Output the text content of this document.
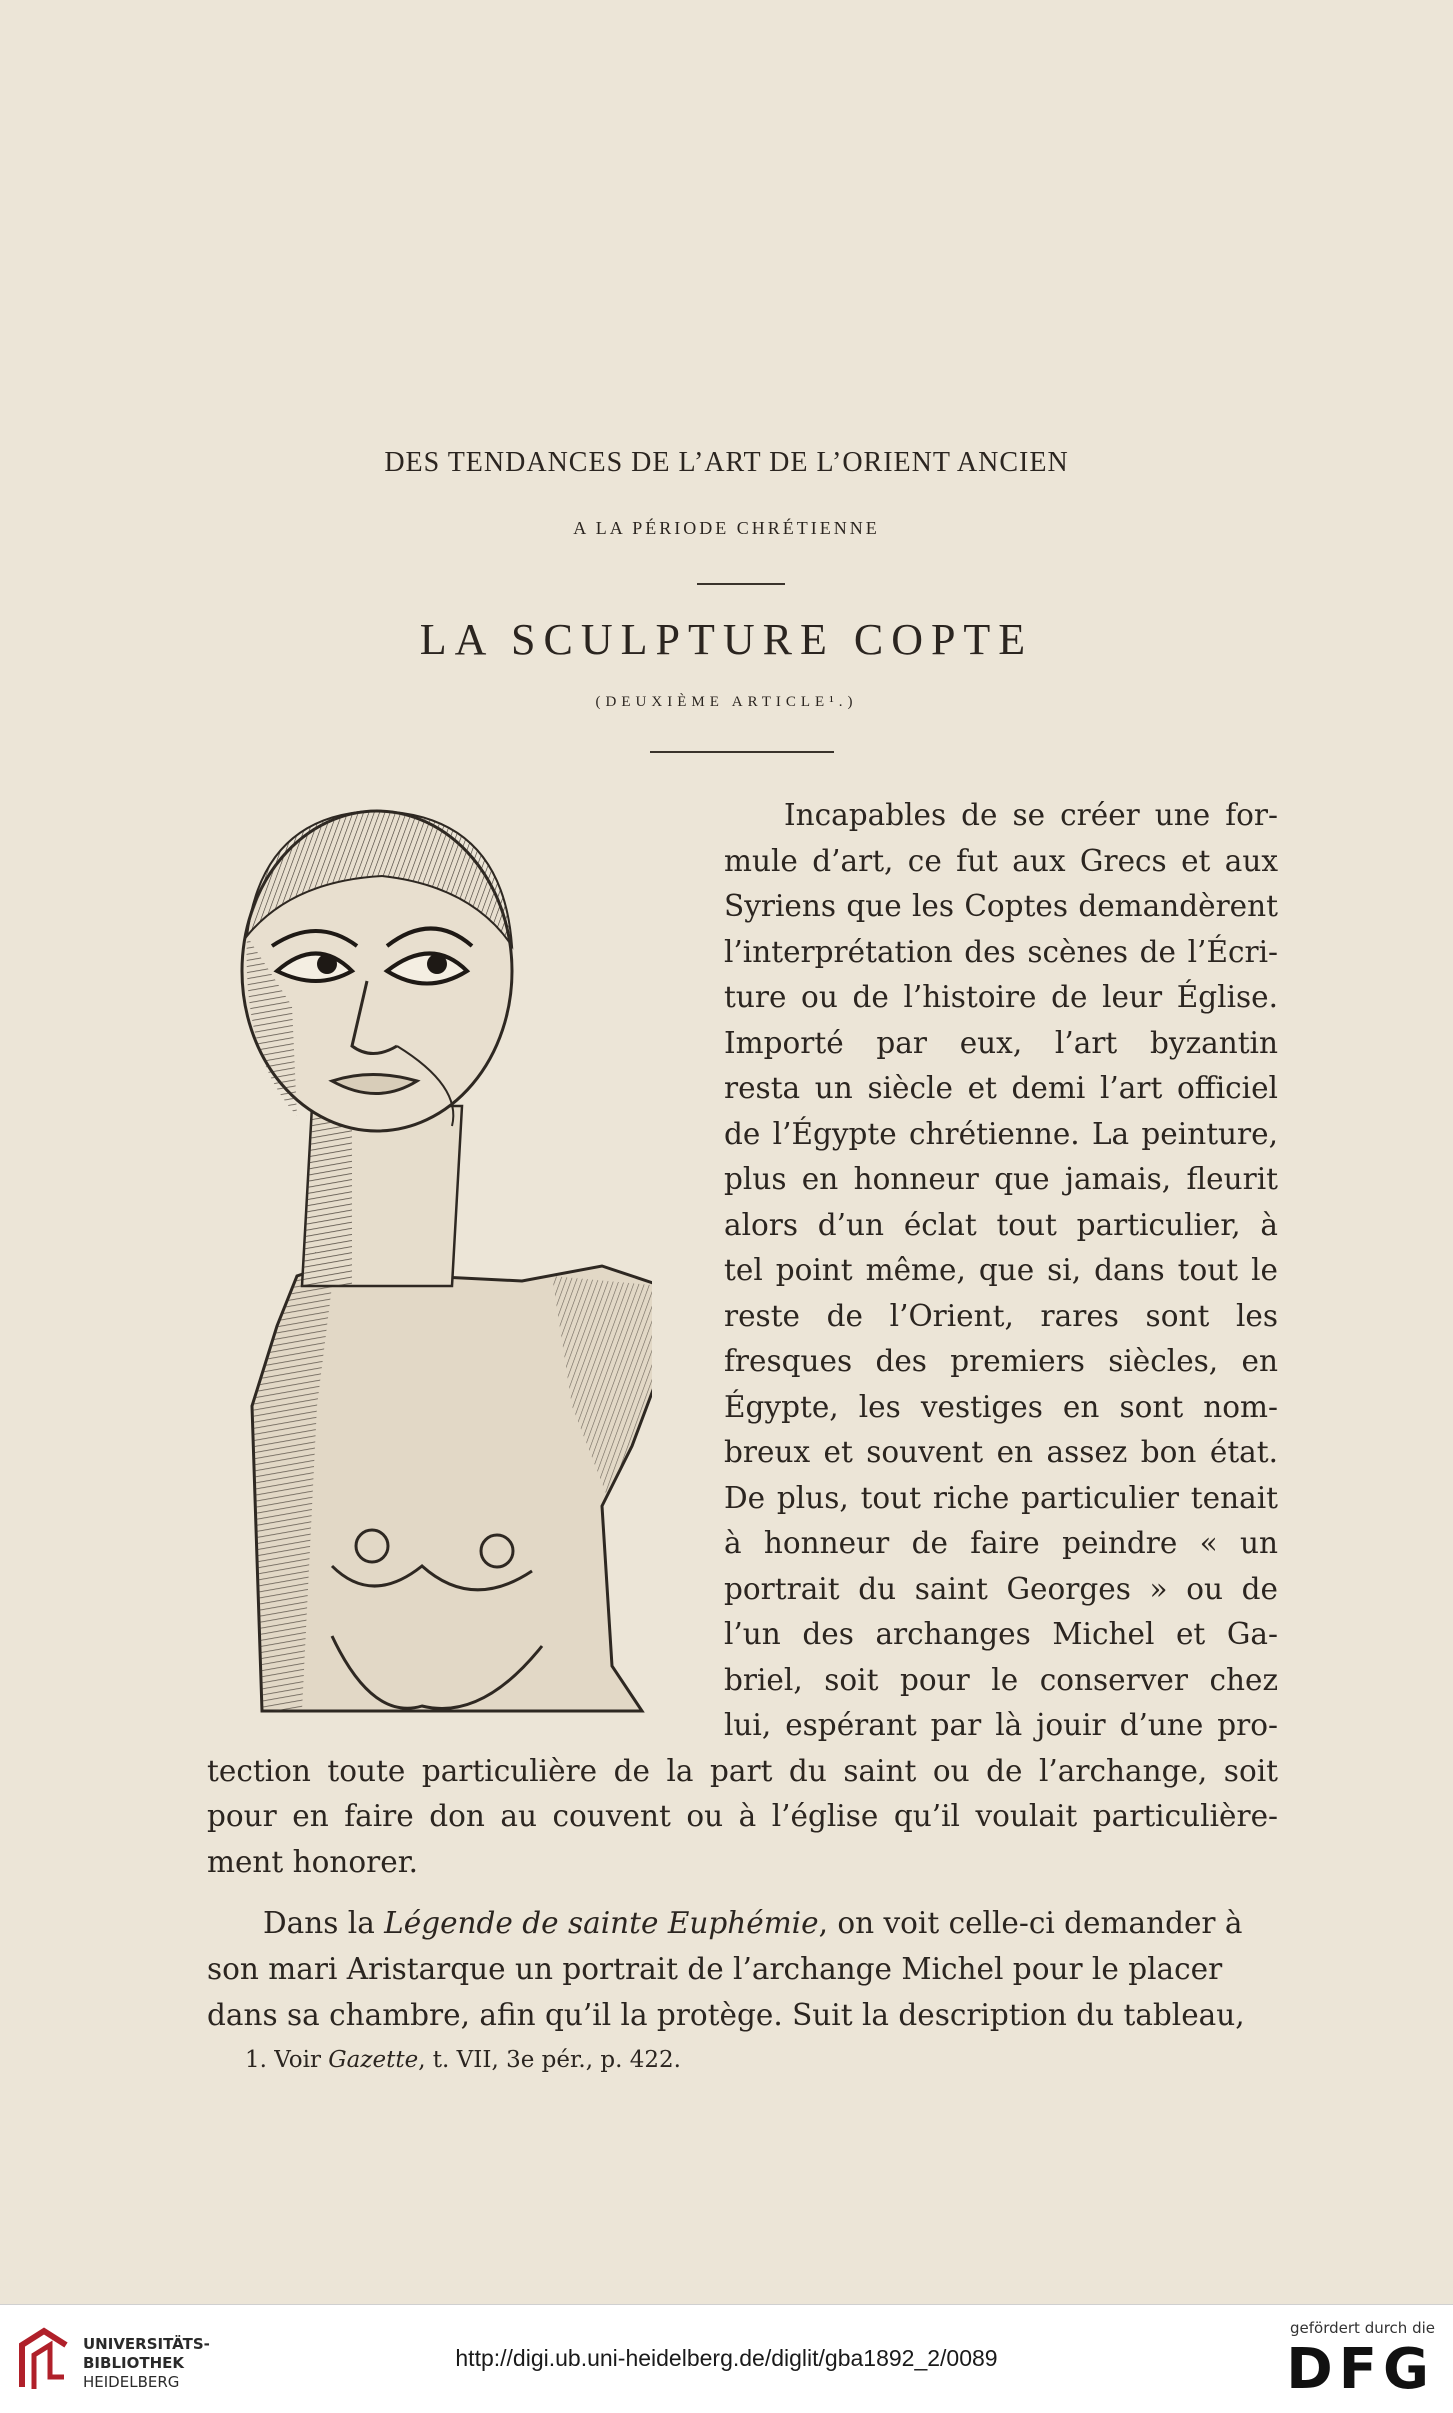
DES TENDANCES DE L’ART DE L’ORIENT ANCIEN
A LA PÉRIODE CHRÉTIENNE
LA SCULPTURE COPTE
(DEUXIÈME ARTICLE¹.)
Incapables de se créer une for-
mule d’art, ce fut aux Grecs et aux
Syriens que les Coptes demandèrent
l’interprétation des scènes de l’Écri-
ture ou de l’histoire de leur Église.
Importé par eux, l’art byzantin
resta un siècle et demi l’art officiel
de l’Égypte chrétienne. La peinture,
plus en honneur que jamais, fleurit
alors d’un éclat tout particulier, à
tel point même, que si, dans tout le
reste de l’Orient, rares sont les
fresques des premiers siècles, en
Égypte, les vestiges en sont nom-
breux et souvent en assez bon état.
De plus, tout riche particulier tenait
à honneur de faire peindre « un
portrait du saint Georges » ou de
l’un des archanges Michel et Ga-
briel, soit pour le conserver chez
lui, espérant par là jouir d’une pro-
tection toute particulière de la part du saint ou de l’archange, soit
pour en faire don au couvent ou à l’église qu’il voulait particulière-
ment honorer.
Dans la Légende de sainte Euphémie, on voit celle-ci demander à
son mari Aristarque un portrait de l’archange Michel pour le placer
dans sa chambre, afin qu’il la protège. Suit la description du tableau,
1. Voir Gazette, t. VII, 3e pér., p. 422.
UNIVERSITÄTS-
BIBLIOTHEK
HEIDELBERG
http://digi.ub.uni-heidelberg.de/diglit/gba1892_2/0089
gefördert durch die
DFG
